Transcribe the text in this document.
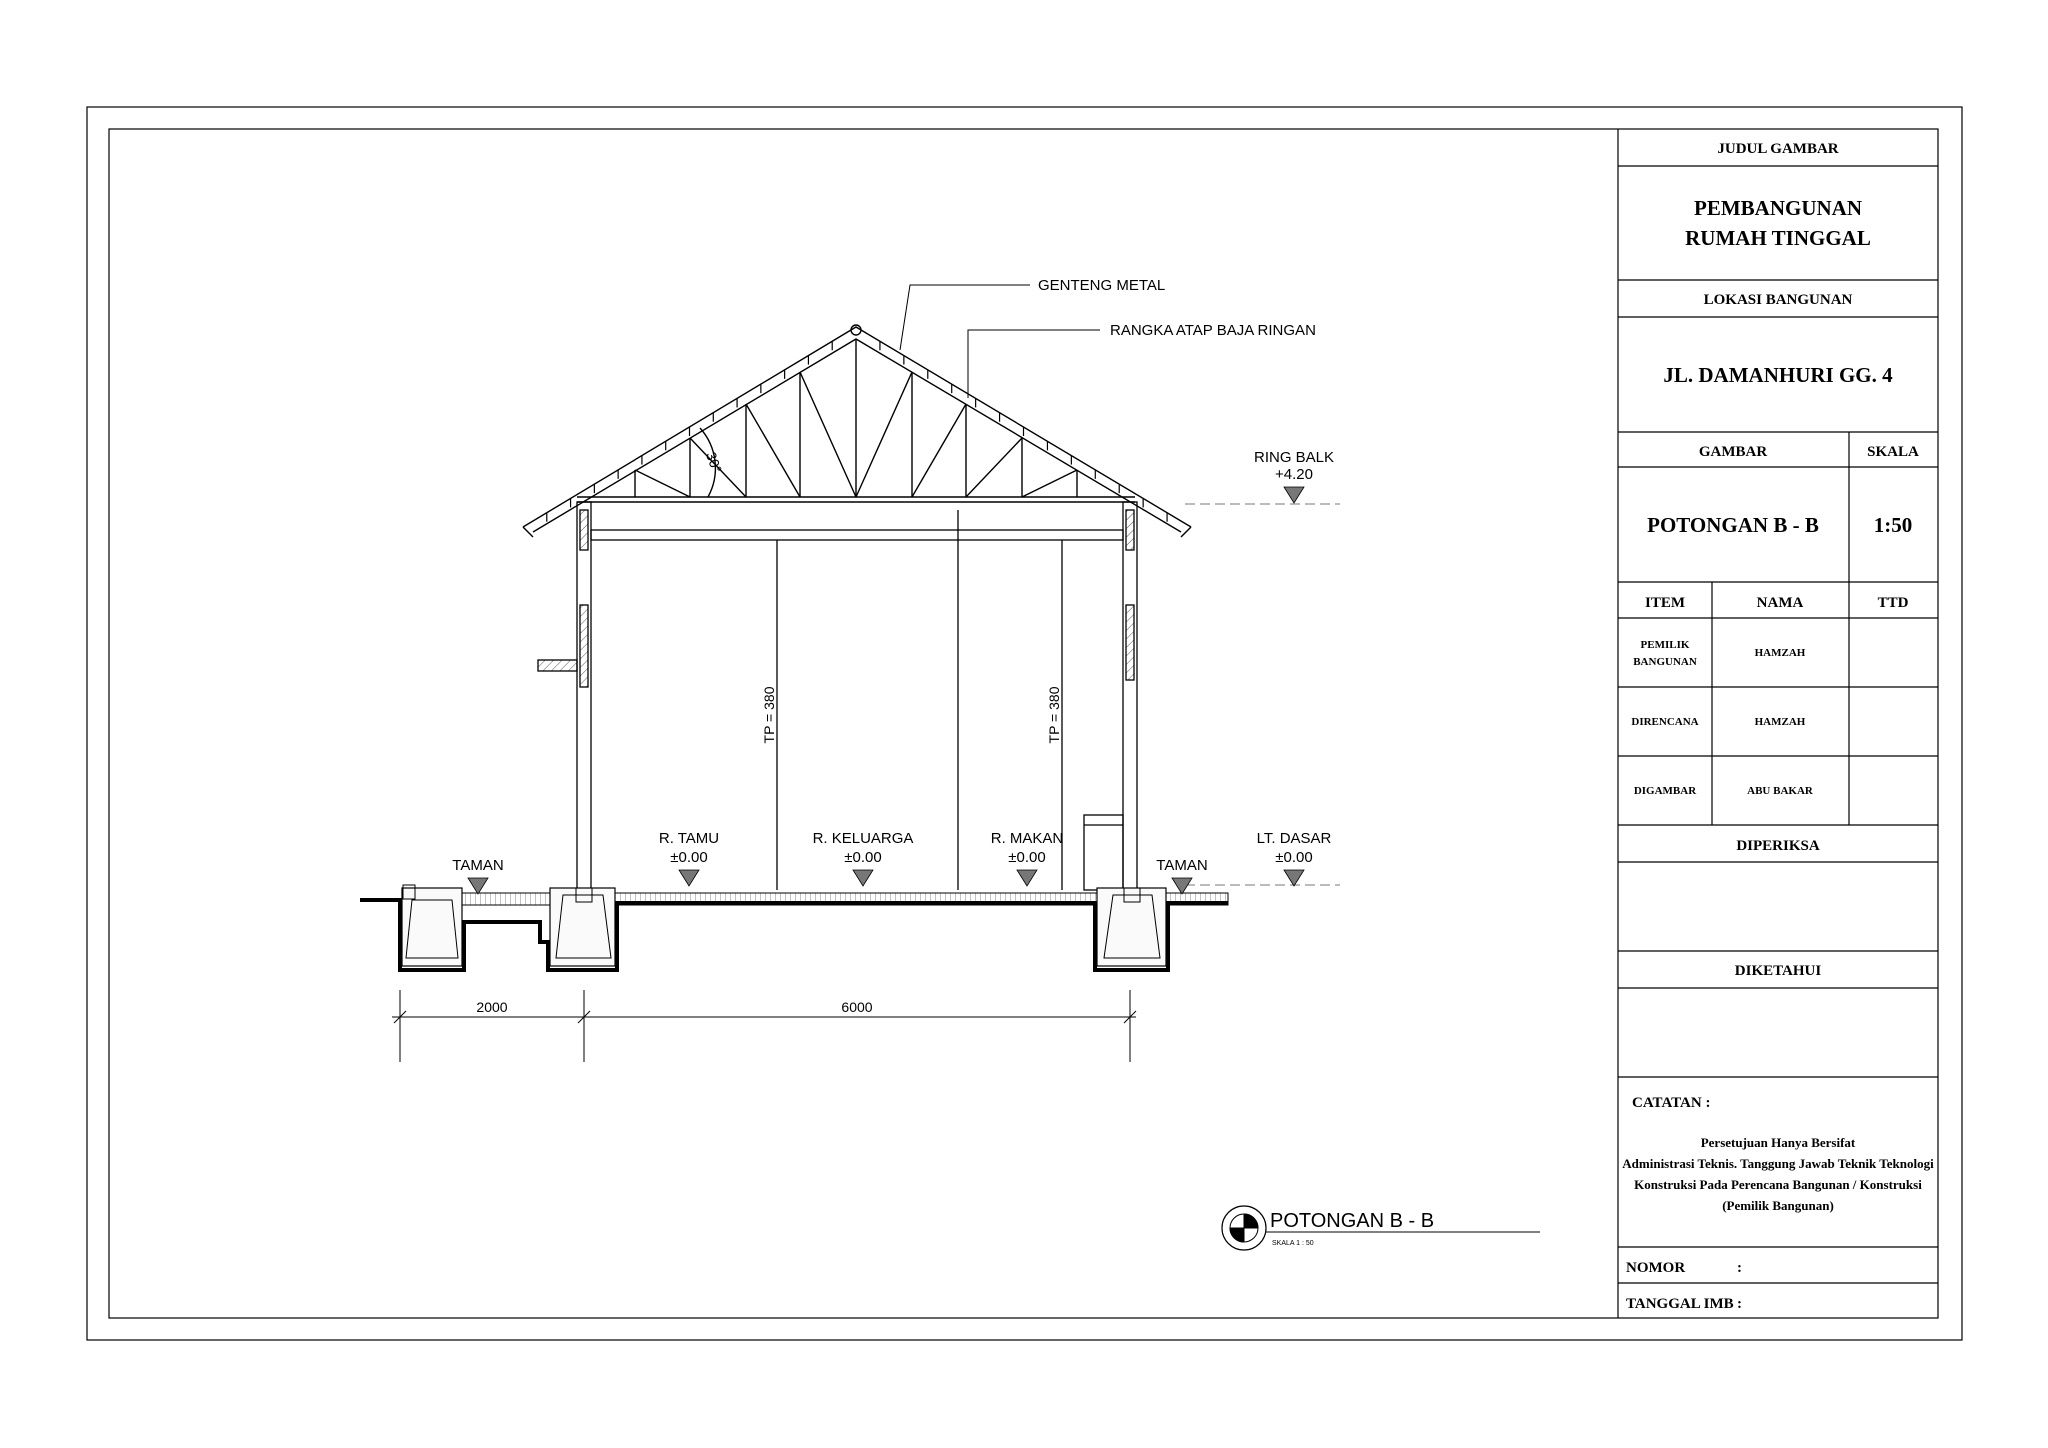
GENTENG METAL
RANGKA ATAP BAJA RINGAN
30°	RING BALK
+4.20
TP = 380	TP = 380
R. TAMU
±0.00
R. KELUARGA
±0.00
R. MAKAN
±0.00
LT. DASAR
±0.00
TAMAN	TAMAN
2000	6000
POTONGAN B - B
SKALA 1 : 50
JUDUL GAMBAR
PEMBANGUNAN
RUMAH TINGGAL
LOKASI BANGUNAN
JL. DAMANHURI GG. 4
GAMBAR	SKALA
POTONGAN B - B	1:50
ITEM	NAMA	TTD
PEMILIK
BANGUNAN
HAMZAH
DIRENCANA	HAMZAH
DIGAMBAR	ABU BAKAR
DIPERIKSA
DIKETAHUI
CATATAN :
Persetujuan Hanya Bersifat
Administrasi Teknis. Tanggung Jawab Teknik Teknologi
Konstruksi Pada Perencana Bangunan / Konstruksi
(Pemilik Bangunan)
NOMOR	:
TANGGAL IMB :
